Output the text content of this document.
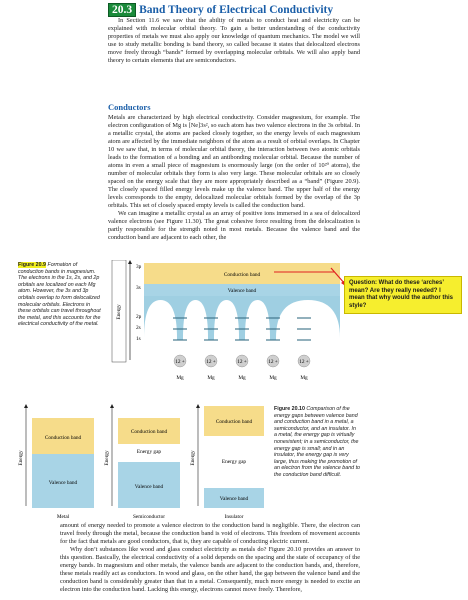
20.3 Band Theory of Electrical Conductivity

In Section 11.6 we saw that the ability of metals to conduct heat and electricity can be explained with molecular orbital theory. To gain a better understanding of the conductivity properties of metals we must also apply our knowledge of quantum mechanics. The model we will use to study metallic bonding is band theory, so called because it states that delocalized electrons move freely through “bands” formed by overlapping molecular orbitals. We will also apply band theory to certain elements that are semiconductors.

Conductors

Metals are characterized by high electrical conductivity. Consider magnesium, for example. The electron configuration of Mg is [Ne]3s², so each atom has two valence electrons in the 3s orbital. In a metallic crystal, the atoms are packed closely together, so the energy levels of each magnesium atom are affected by the immediate neighbors of the atom as a result of orbital overlaps. In Chapter 10 we saw that, in terms of molecular orbital theory, the interaction between two atomic orbitals leads to the formation of a bonding and an antibonding molecular orbital. Because the number of atoms in even a small piece of magnesium is enormously large (on the order of 10²⁰ atoms), the number of molecular orbitals they form is also very large. These molecular orbitals are so closely spaced on the energy scale that they are more appropriately described as a “band” (Figure 20.9). The closely spaced filled energy levels make up the valence band. The upper half of the energy levels corresponds to the empty, delocalized molecular orbitals formed by the overlap of the 3p orbitals. This set of closely spaced empty levels is called the conduction band.

We can imagine a metallic crystal as an array of positive ions immersed in a sea of delocalized valence electrons (see Figure 11.30). The great cohesive force resulting from the delocalization is partly responsible for the strength noted in most metals. Because the valence band and the conduction band are adjacent to each other, the

Figure 20.9 Formation of conduction bands in magnesium. The electrons in the 1s, 2s, and 2p orbitals are localized on each Mg atom. However, the 3s and 3p orbitals overlap to form delocalized molecular orbitals. Electrons in these orbitals can travel throughout the metal, and this accounts for the electrical conductivity of the metal.
Energy
Conduction band
Valence band
3p
3s
2p
2s
1s
12 +
Mg
12 +
Mg
12 +
Mg
12 +
Mg
12 +
Mg
Question: What do these ‘arches’ mean? Are they really needed? I mean that why would the author this style?
Energy
Conduction band
Valence band
Metal
Energy
Conduction band
Energy gap
Valence band
Semiconductor
Energy
Conduction band
Energy gap
Valence band
Insulator
Figure 20.10 Comparison of the energy gaps between valence band and conduction band in a metal, a semiconductor, and an insulator. In a metal, the energy gap is virtually nonexistent; in a semiconductor, the energy gap is small; and in an insulator, the energy gap is very large, thus making the promotion of an electron from the valence band to the conduction band difficult.

amount of energy needed to promote a valence electron to the conduction band is negligible. There, the electron can travel freely through the metal, because the conduction band is void of electrons. This freedom of movement accounts for the fact that metals are good conductors, that is, they are capable of conducting electric current.

Why don’t substances like wood and glass conduct electricity as metals do? Figure 20.10 provides an answer to this question. Basically, the electrical conductivity of a solid depends on the spacing and the state of occupancy of the energy bands. In magnesium and other metals, the valence bands are adjacent to the conduction bands, and, therefore, these metals readily act as conductors. In wood and glass, on the other hand, the gap between the valence band and the conduction band is considerably greater than that in a metal. Consequently, much more energy is needed to excite an electron into the conduction band. Lacking this energy, electrons cannot move freely. Therefore,
